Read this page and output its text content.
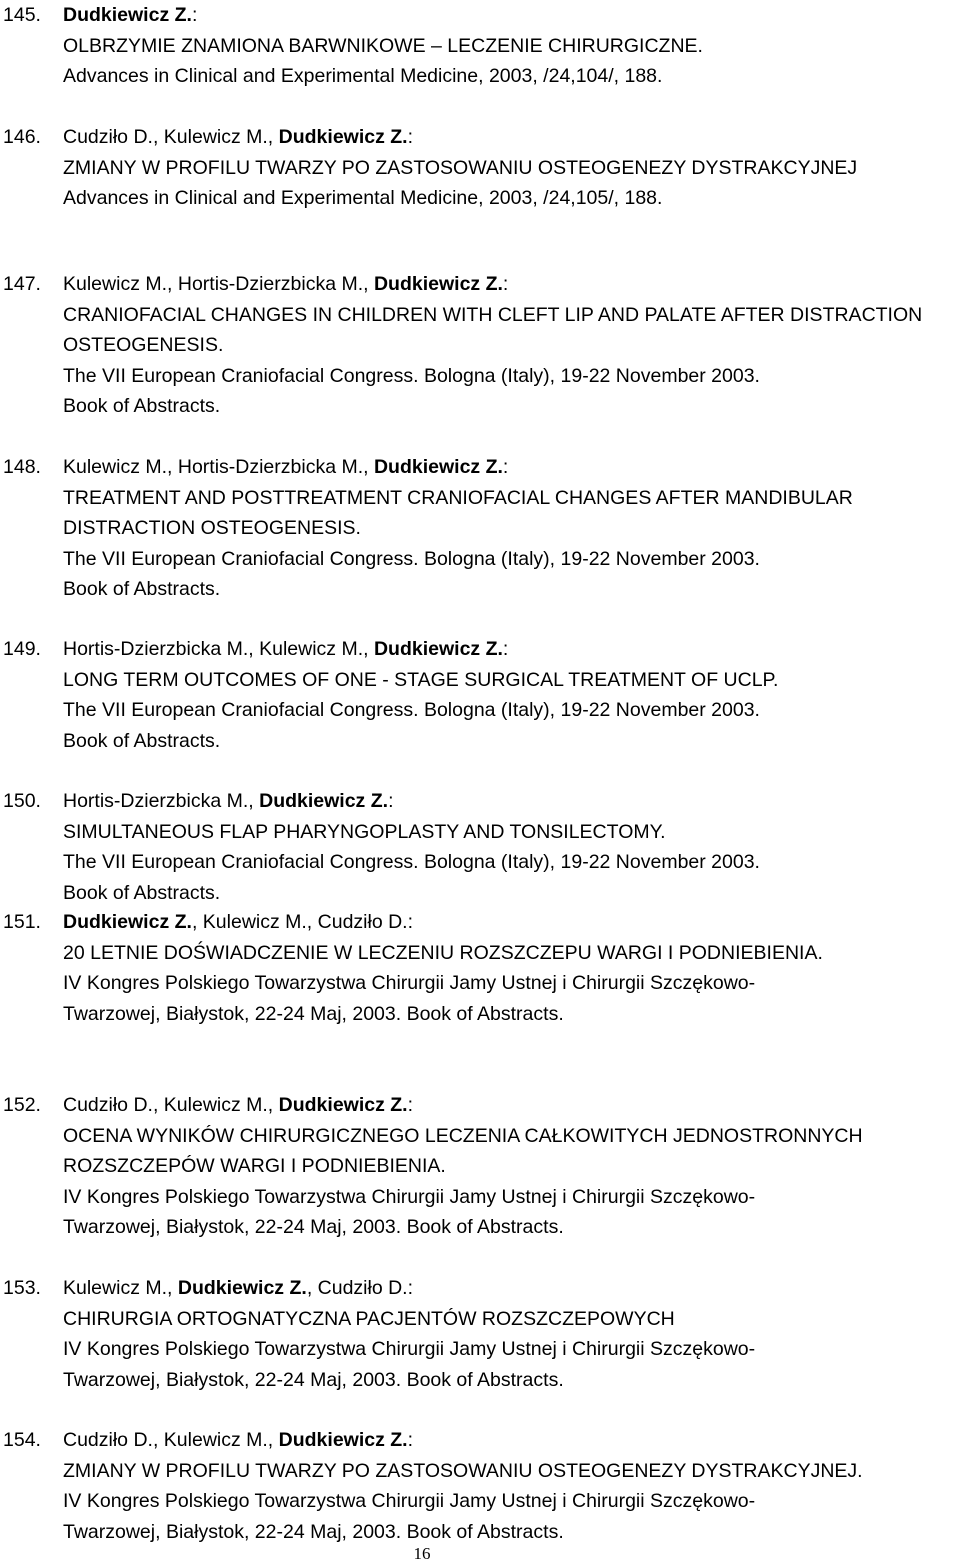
145. Dudkiewicz Z.:
OLBRZYMIE ZNAMIONA BARWNIKOWE – LECZENIE CHIRURGICZNE.
Advances in Clinical and Experimental Medicine, 2003, /24,104/, 188.
146. Cudziło D., Kulewicz M., Dudkiewicz Z.:
ZMIANY W PROFILU TWARZY PO ZASTOSOWANIU OSTEOGENEZY DYSTRAKCYJNEJ
Advances in Clinical and Experimental Medicine, 2003, /24,105/, 188.
147. Kulewicz M., Hortis-Dzierzbicka M., Dudkiewicz Z.:
CRANIOFACIAL CHANGES IN CHILDREN WITH CLEFT LIP AND PALATE AFTER DISTRACTION
OSTEOGENESIS.
The VII European Craniofacial Congress. Bologna (Italy), 19-22 November 2003.
Book of Abstracts.
148. Kulewicz M., Hortis-Dzierzbicka M., Dudkiewicz Z.:
TREATMENT AND POSTTREATMENT CRANIOFACIAL CHANGES AFTER MANDIBULAR
DISTRACTION OSTEOGENESIS.
The VII European Craniofacial Congress. Bologna (Italy), 19-22 November 2003.
Book of Abstracts.
149. Hortis-Dzierzbicka M., Kulewicz M., Dudkiewicz Z.:
LONG TERM OUTCOMES OF ONE - STAGE SURGICAL TREATMENT OF UCLP.
The VII European Craniofacial Congress. Bologna (Italy), 19-22 November 2003.
Book of Abstracts.
150. Hortis-Dzierzbicka M., Dudkiewicz Z.:
SIMULTANEOUS FLAP PHARYNGOPLASTY AND TONSILECTOMY.
The VII European Craniofacial Congress. Bologna (Italy), 19-22 November 2003.
Book of Abstracts.
151. Dudkiewicz Z., Kulewicz M., Cudziło D.:
20 LETNIE DOŚWIADCZENIE W LECZENIU ROZSZCZEPU WARGI I PODNIEBIENIA.
IV Kongres Polskiego Towarzystwa Chirurgii Jamy Ustnej i Chirurgii Szczękowo-
Twarzowej, Białystok, 22-24 Maj, 2003. Book of Abstracts.
152. Cudziło D., Kulewicz M., Dudkiewicz Z.:
OCENA WYNIKÓW CHIRURGICZNEGO LECZENIA CAŁKOWITYCH JEDNOSTRONNYCH
ROZSZCZEPÓW WARGI I PODNIEBIENIA.
IV Kongres Polskiego Towarzystwa Chirurgii Jamy Ustnej i Chirurgii Szczękowo-
Twarzowej, Białystok, 22-24 Maj, 2003. Book of Abstracts.
153. Kulewicz M., Dudkiewicz Z., Cudziło D.:
CHIRURGIA ORTOGNATYCZNA PACJENTÓW ROZSZCZEPOWYCH
IV Kongres Polskiego Towarzystwa Chirurgii Jamy Ustnej i Chirurgii Szczękowo-
Twarzowej, Białystok, 22-24 Maj, 2003. Book of Abstracts.
154. Cudziło D., Kulewicz M., Dudkiewicz Z.:
ZMIANY W PROFILU TWARZY PO ZASTOSOWANIU OSTEOGENEZY DYSTRAKCYJNEJ.
IV Kongres Polskiego Towarzystwa Chirurgii Jamy Ustnej i Chirurgii Szczękowo-
Twarzowej, Białystok, 22-24 Maj, 2003. Book of Abstracts.
16
